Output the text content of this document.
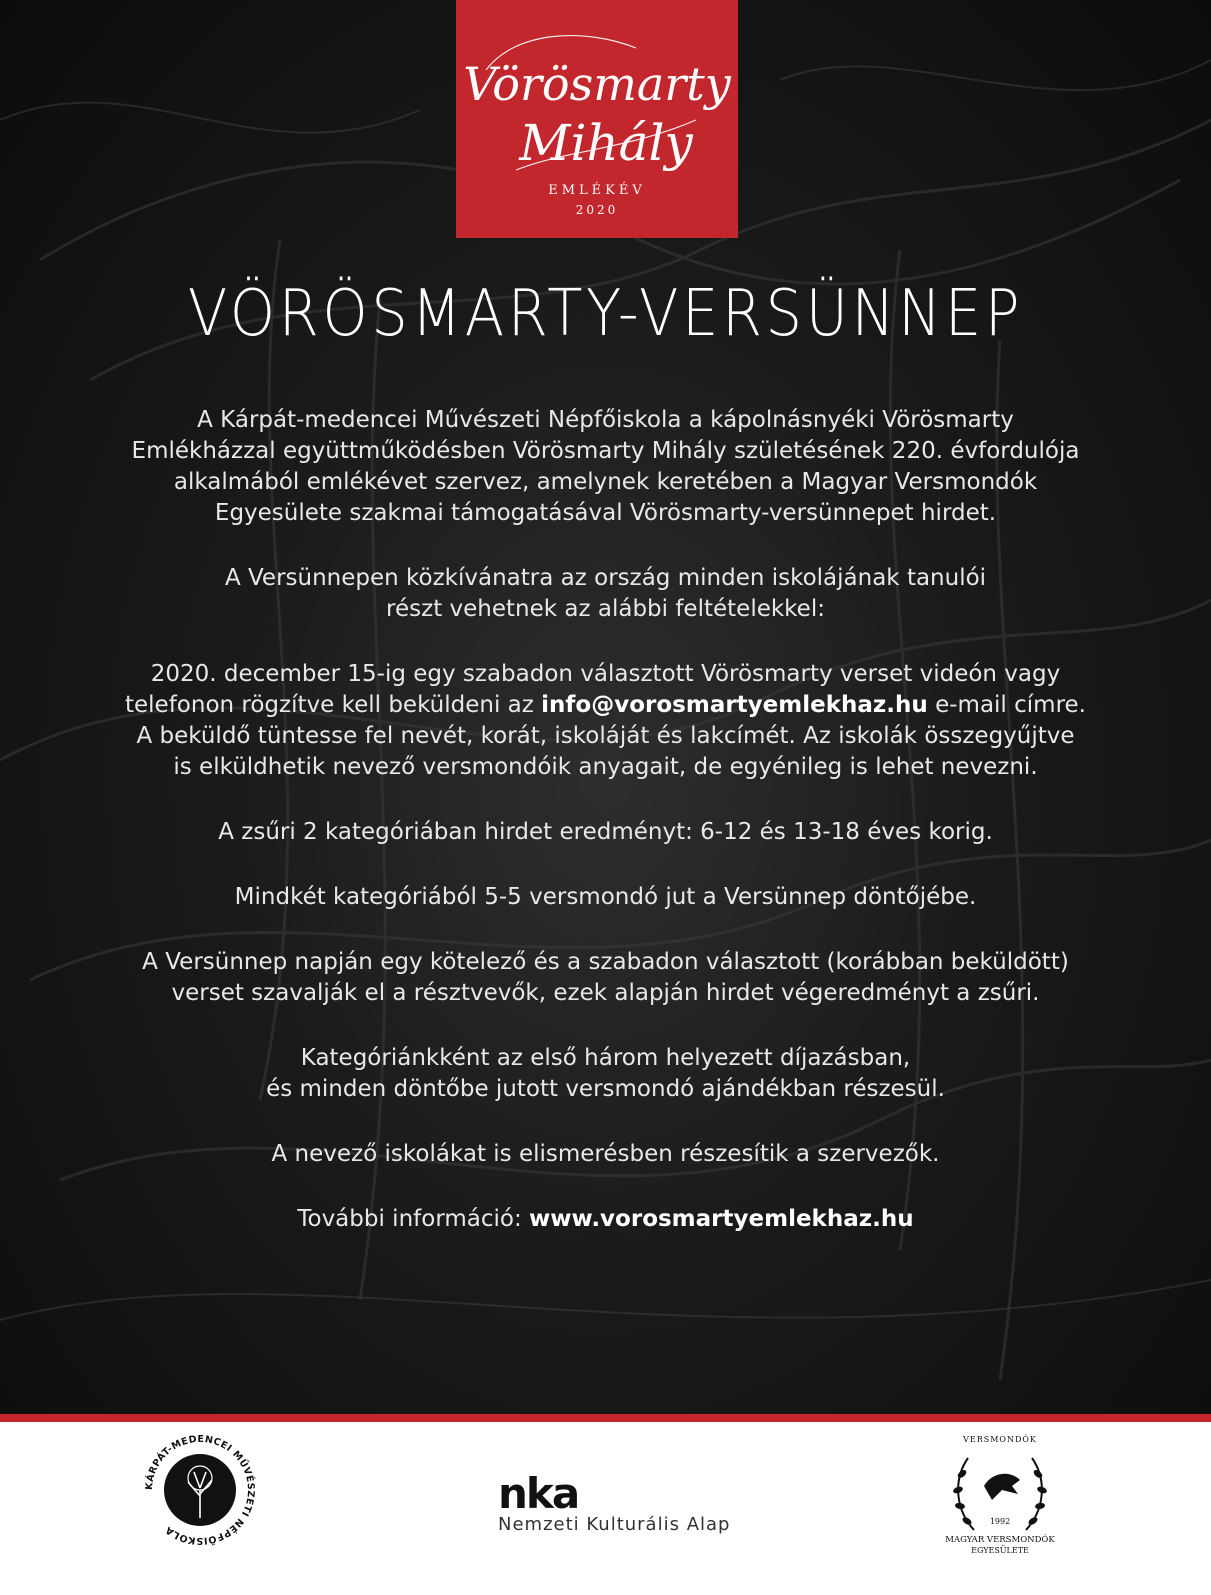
Vörösmarty
Mihály
EMLÉKÉV
2020
VÖRÖSMARTY-VERSÜNNEP
A Kárpát-medencei Művészeti Népfőiskola a kápolnásnyéki Vörösmarty
Emlékházzal együttműködésben Vörösmarty Mihály születésének 220. évfordulója
alkalmából emlékévet szervez, amelynek keretében a Magyar Versmondók
Egyesülete szakmai támogatásával Vörösmarty-versünnepet hirdet.
A Versünnepen közkívánatra az ország minden iskolájának tanulói
részt vehetnek az alábbi feltételekkel:
2020. december 15-ig egy szabadon választott Vörösmarty verset videón vagy
telefonon rögzítve kell beküldeni az info@vorosmartyemlekhaz.hu e-mail címre.
A beküldő tüntesse fel nevét, korát, iskoláját és lakcímét. Az iskolák összegyűjtve
is elküldhetik nevező versmondóik anyagait, de egyénileg is lehet nevezni.
A zsűri 2 kategóriában hirdet eredményt: 6-12 és 13-18 éves korig.
Mindkét kategóriából 5-5 versmondó jut a Versünnep döntőjébe.
A Versünnep napján egy kötelező és a szabadon választott (korábban beküldött)
verset szavalják el a résztvevők, ezek alapján hirdet végeredményt a zsűri.
Kategóriánkként az első három helyezett díjazásban,
és minden döntőbe jutott versmondó ajándékban részesül.
A nevező iskolákat is elismerésben részesítik a szervezők.
További információ: www.vorosmartyemlekhaz.hu
KÁRPÁT-MEDENCEI MŰVÉSZETI NÉPFŐISKOLA
nka
Nemzeti Kulturális Alap
VERSMONDÓK
1992
MAGYAR VERSMONDÓK
EGYESÜLETE
